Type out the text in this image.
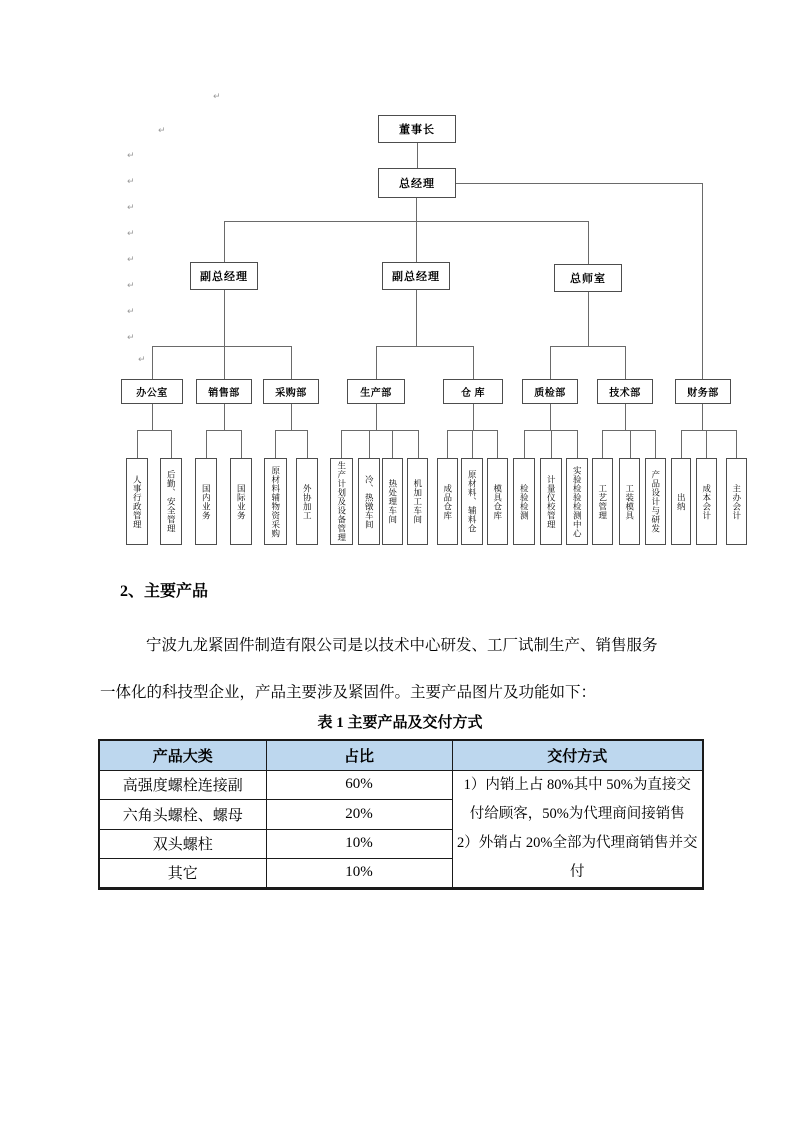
↵
↵
↵
↵
↵
↵
↵
↵
↵
↵
↵
董事长
总经理
副总经理	副总经理	总师室
办公室	销售部	采购部	生产部	仓 库	质检部	技术部	财务部
人事行政管理	后勤、安全管理	国内业务	国际业务	原材料辅物资采购	外协加工	生产计划及设备管理	冷、热镦车间	热处理车间	机加工车间	成品仓库	原材料、辅料仓	模具仓库	检验检测	计量仪校管理	实验检验检测中心	工艺管理	工装模具	产品设计与研发	出纳	成本会计	主办会计
2、主要产品
宁波九龙紧固件制造有限公司是以技术中心研发、工厂试制生产、销售服务
一体化的科技型企业，产品主要涉及紧固件。主要产品图片及功能如下：
表 1 主要产品及交付方式
产品大类	占比	交付方式
高强度螺栓连接副	60%	1）内销上占 80%其中 50%为直接交付给顾客，50%为代理商间接销售
2）外销占 20%全部为代理商销售并交付

六角头螺栓、螺母	20%	
双头螺柱	10%	
其它	10%	
